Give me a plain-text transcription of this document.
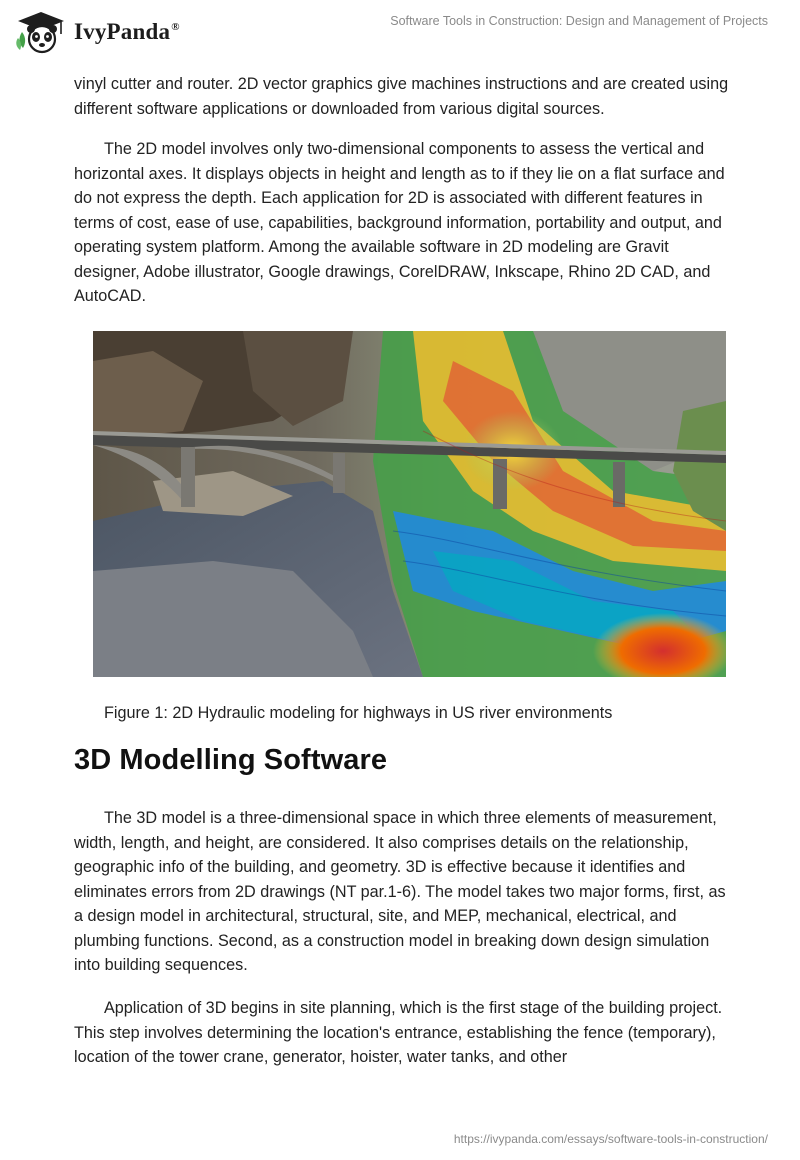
IvyPanda®	Software Tools in Construction: Design and Management of Projects

vinyl cutter and router. 2D vector graphics give machines instructions and are created using different software applications or downloaded from various digital sources.

The 2D model involves only two-dimensional components to assess the vertical and horizontal axes. It displays objects in height and length as to if they lie on a flat surface and do not express the depth. Each application for 2D is associated with different features in terms of cost, ease of use, capabilities, background information, portability and output, and operating system platform. Among the available software in 2D modeling are Gravit designer, Adobe illustrator, Google drawings, CorelDRAW, Inkscape, Rhino 2D CAD, and AutoCAD.

Figure 1: 2D Hydraulic modeling for highways in US river environments
3D Modelling Software

The 3D model is a three-dimensional space in which three elements of measurement, width, length, and height, are considered. It also comprises details on the relationship, geographic info of the building, and geometry. 3D is effective because it identifies and eliminates errors from 2D drawings (NT par.1-6). The model takes two major forms, first, as a design model in architectural, structural, site, and MEP, mechanical, electrical, and plumbing functions. Second, as a construction model in breaking down design simulation into building sequences.

Application of 3D begins in site planning, which is the first stage of the building project. This step involves determining the location's entrance, establishing the fence (temporary), location of the tower crane, generator, hoister, water tanks, and other

https://ivypanda.com/essays/software-tools-in-construction/
